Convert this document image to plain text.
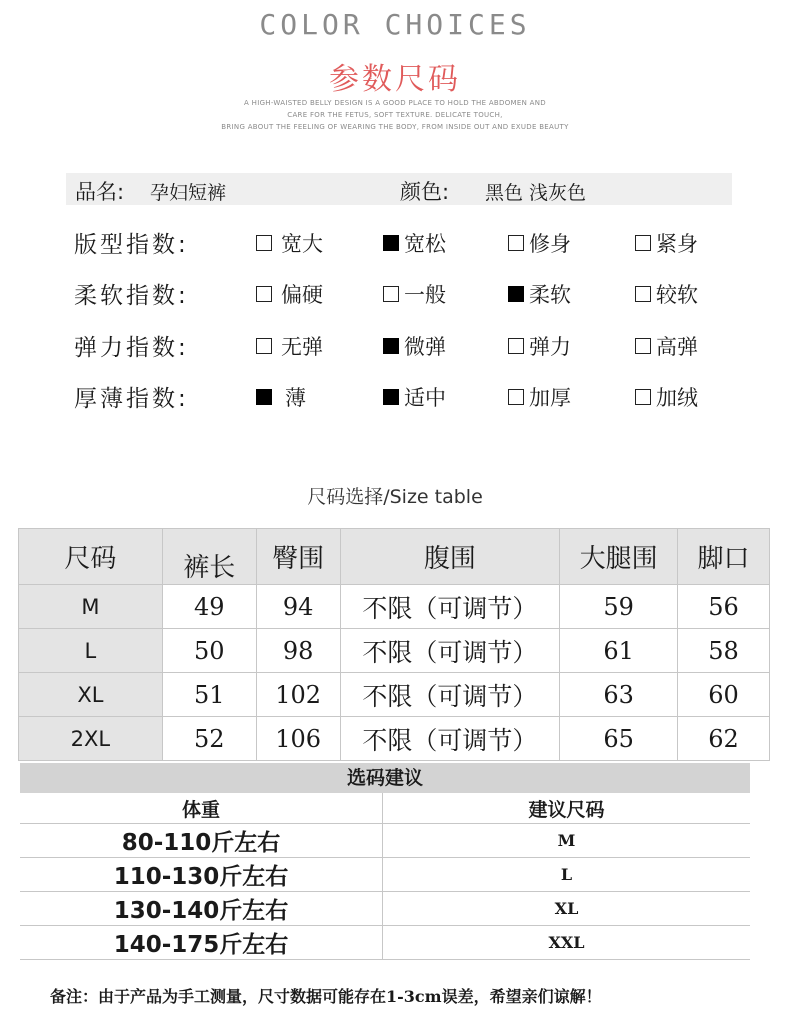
COLOR CHOICES
参数尺码
A HIGH-WAISTED BELLY DESIGN IS A GOOD PLACE TO HOLD THE ABDOMEN AND
CARE FOR THE FETUS, SOFT TEXTURE. DELICATE TOUCH,
BRING ABOUT THE FEELING OF WEARING THE BODY, FROM INSIDE OUT AND EXUDE BEAUTY
品名: 孕妇短裤	颜色: 黑色 浅灰色
版型指数:	宽大	宽松	修身	紧身
柔软指数:	偏硬	一般	柔软	较软
弹力指数:	无弹	微弹	弹力	高弹
厚薄指数:	薄	适中	加厚	加绒
尺码选择/Size table
尺码	裤长	臀围	腹围	大腿围	脚口
M	49	94	不限（可调节）	59	56
L	50	98	不限（可调节）	61	58
XL	51	102	不限（可调节）	63	60
2XL	52	106	不限（可调节）	65	62
选码建议
体重	建议尺码
80-110斤左右	M
110-130斤左右	L
130-140斤左右	XL
140-175斤左右	XXL
备注：由于产品为手工测量，尺寸数据可能存在1-3cm误差，希望亲们谅解！
